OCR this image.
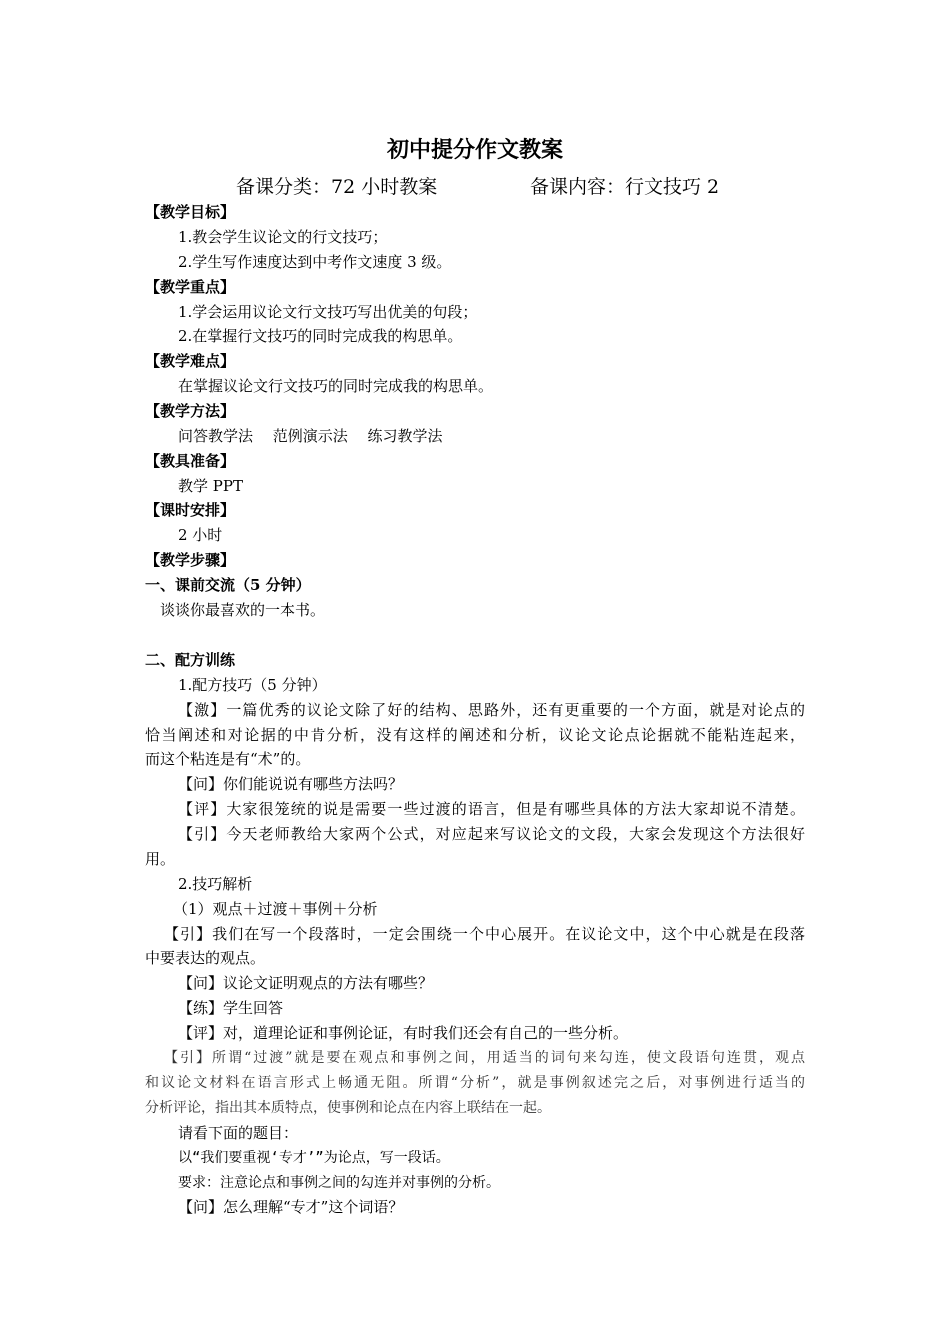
初中提分作文教案
备课分类：72 小时教案	备课内容：行文技巧 2
【教学目标】
1.教会学生议论文的行文技巧；
2.学生写作速度达到中考作文速度 3 级。
【教学重点】
1.学会运用议论文行文技巧写出优美的句段；
2.在掌握行文技巧的同时完成我的构思单。
【教学难点】
在掌握议论文行文技巧的同时完成我的构思单。
【教学方法】
问答教学法　 范例演示法　 练习教学法
【教具准备】
教学 PPT
【课时安排】
2 小时
【教学步骤】
一、课前交流（5 分钟）
谈谈你最喜欢的一本书。
二、配方训练
1.配方技巧（5 分钟）
【激】一篇优秀的议论文除了好的结构、思路外，还有更重要的一个方面，就是对论点的
恰当阐述和对论据的中肯分析，没有这样的阐述和分析，议论文论点论据就不能粘连起来，
而这个粘连是有“术”的。
【问】你们能说说有哪些方法吗？
【评】大家很笼统的说是需要一些过渡的语言，但是有哪些具体的方法大家却说不清楚。
【引】今天老师教给大家两个公式，对应起来写议论文的文段，大家会发现这个方法很好
用。
2.技巧解析
（1）观点＋过渡＋事例＋分析
【引】我们在写一个段落时，一定会围绕一个中心展开。在议论文中，这个中心就是在段落
中要表达的观点。
【问】议论文证明观点的方法有哪些？
【练】学生回答
【评】对，道理论证和事例论证，有时我们还会有自己的一些分析。
【引】所谓“过渡”就是要在观点和事例之间，用适当的词句来勾连，使文段语句连贯，观点
和议论文材料在语言形式上畅通无阻。所谓“分析”，就是事例叙述完之后，对事例进行适当的
分析评论，指出其本质特点，使事例和论点在内容上联结在一起。
请看下面的题目：
以“我们要重视‘专才’”为论点，写一段话。
要求：注意论点和事例之间的勾连并对事例的分析。
【问】怎么理解“专才”这个词语？
